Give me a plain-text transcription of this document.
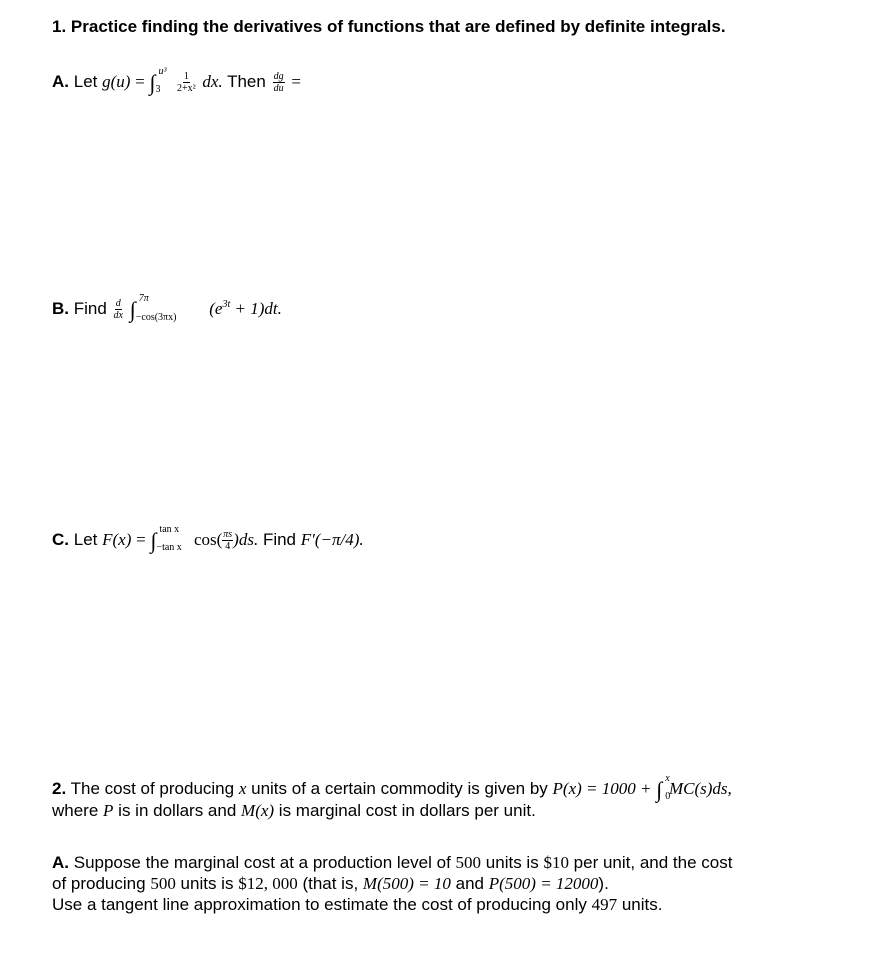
1. Practice finding the derivatives of functions that are defined by definite integrals.
A. Let g(u) = ∫ u³
3
$\frac{1}{\text{2+x²}}$ dx. Then $\frac{dg}{du}$ =
B. Find $\frac{d}{dx}$ ∫ 7π
−cos(3πx) $(e^{3t} + 1)dt$.
C. Let F(x) = ∫ tan x
−tan x $\cos( \frac{\pi s}{4} )ds$. Find F′(−π/4).
2. The cost of producing x units of a certain commodity is given by P(x) = 1000 + ∫ x
0
MC(s)ds,
where P is in dollars and M(x) is marginal cost in dollars per unit.
A. Suppose the marginal cost at a production level of 500 units is $10 per unit, and the cost
of producing 500 units is $12, 000 (that is, M(500) = 10 and P(500) = 12000).
Use a tangent line approximation to estimate the cost of producing only 497 units.
